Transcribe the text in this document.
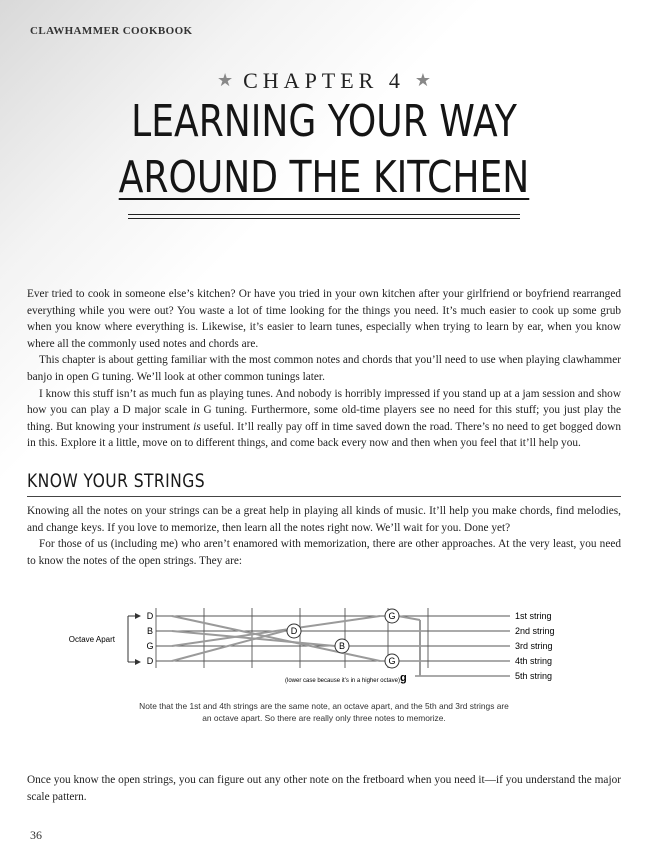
CLAWHAMMER COOKBOOK
★ CHAPTER 4 ★
LEARNING YOUR WAY
AROUND THE KITCHEN

Ever tried to cook in someone else’s kitchen? Or have you tried in your own kitchen after your girlfriend or boyfriend rearranged everything while you were out? You waste a lot of time looking for the things you need. It’s much easier to cook up some grub when you know where everything is. Likewise, it’s easier to learn tunes, especially when trying to learn by ear, when you know where all the commonly used notes and chords are.

This chapter is about getting familiar with the most common notes and chords that you’ll need to use when playing clawhammer banjo in open G tuning. We’ll look at other common tunings later.

I know this stuff isn’t as much fun as playing tunes. And nobody is horribly impressed if you stand up at a jam session and show how you can play a D major scale in G tuning. Furthermore, some old-time players see no need for this stuff; you just play the thing. But knowing your instrument is useful. It’ll really pay off in time saved down the road. There’s no need to get bogged down in this. Explore it a little, move on to different things, and come back every now and then when you feel that it’ll help you.

KNOW YOUR STRINGS

Knowing all the notes on your strings can be a great help in playing all kinds of music. It’ll help you make chords, find melodies, and change keys. If you love to memorize, then learn all the notes right now. We’ll wait for you. Done yet?

For those of us (including me) who aren’t enamored with memorization, there are other approaches. At the very least, you need to know the notes of the open strings. They are:

Octave Apart
D
B
G
D
G
D
B
G
(lower case because it’s in a higher octave) g
1st string
2nd string
3rd string
4th string
5th string
Note that the 1st and 4th strings are the same note, an octave apart, and the 5th and 3rd strings are
an octave apart. So there are really only three notes to memorize.

Once you know the open strings, you can figure out any other note on the fretboard when you need it—if you understand the major scale pattern.

36
